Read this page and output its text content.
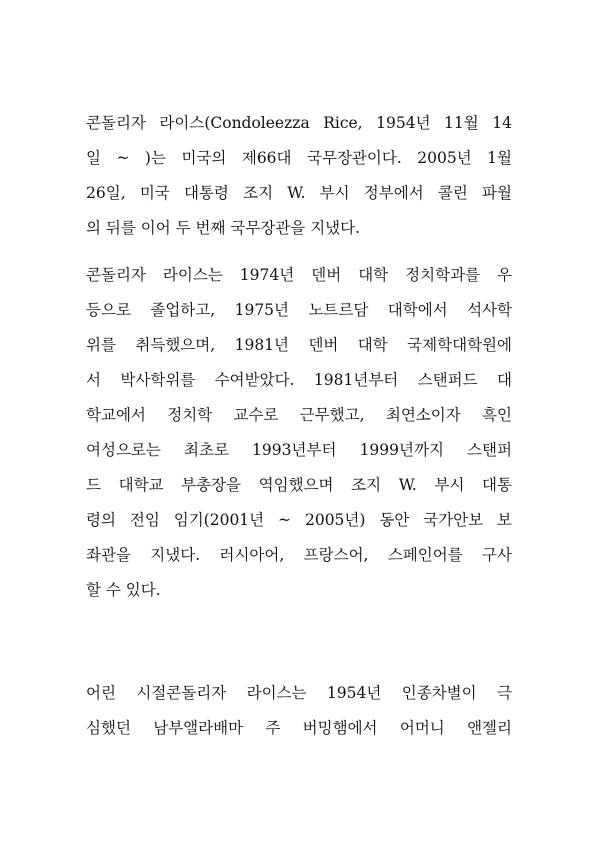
콘돌리자 라이스(Condoleezza Rice, 1954년 11월 14
일 ~ )는 미국의 제66대 국무장관이다. 2005년 1월
26일, 미국 대통령 조지 W. 부시 정부에서 콜린 파월
의 뒤를 이어 두 번째 국무장관을 지냈다.
콘돌리자 라이스는 1974년 덴버 대학 정치학과를 우
등으로 졸업하고, 1975년 노트르담 대학에서 석사학
위를 취득했으며, 1981년 덴버 대학 국제학대학원에
서 박사학위를 수여받았다. 1981년부터 스탠퍼드 대
학교에서 정치학 교수로 근무했고, 최연소이자 흑인
여성으로는 최초로 1993년부터 1999년까지 스탠퍼
드 대학교 부총장을 역임했으며 조지 W. 부시 대통
령의 전임 임기(2001년 ~ 2005년) 동안 국가안보 보
좌관을 지냈다. 러시아어, 프랑스어, 스페인어를 구사
할 수 있다.
어린 시절콘돌리자 라이스는 1954년 인종차별이 극
심했던 남부앨라배마 주 버밍햄에서 어머니 앤젤리
